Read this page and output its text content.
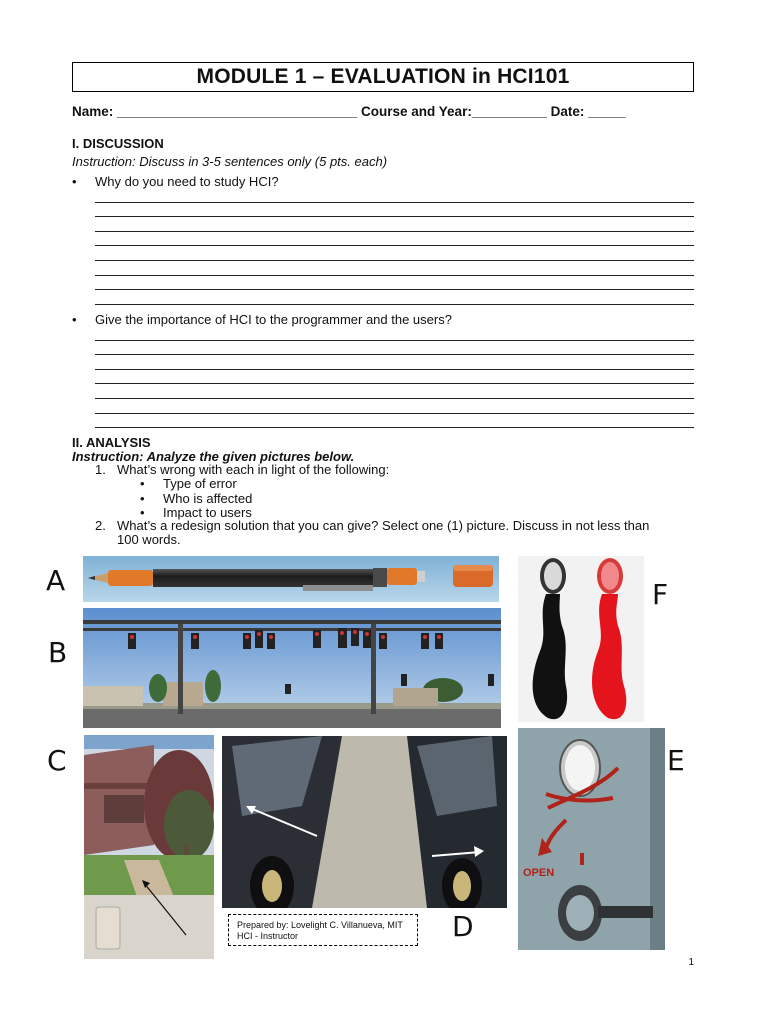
MODULE 1 – EVALUATION in HCI101
Name: ________________________________ Course and Year:__________ Date: _____
I. DISCUSSION
Instruction: Discuss in 3-5 sentences only (5 pts. each)
• Why do you need to study HCI?
• Give the importance of HCI to the programmer and the users?
II. ANALYSIS
Instruction: Analyze the given pictures below.
1. What’s wrong with each in light of the following:
• Type of error
• Who is affected
• Impact to users
2. What’s a redesign solution that you can give? Select one (1) picture. Discuss in not less than
100 words.
A
B
C
D
E
F
Prepared by: Lovelight C. Villanueva, MIT
HCI - Instructor
OPEN
1
